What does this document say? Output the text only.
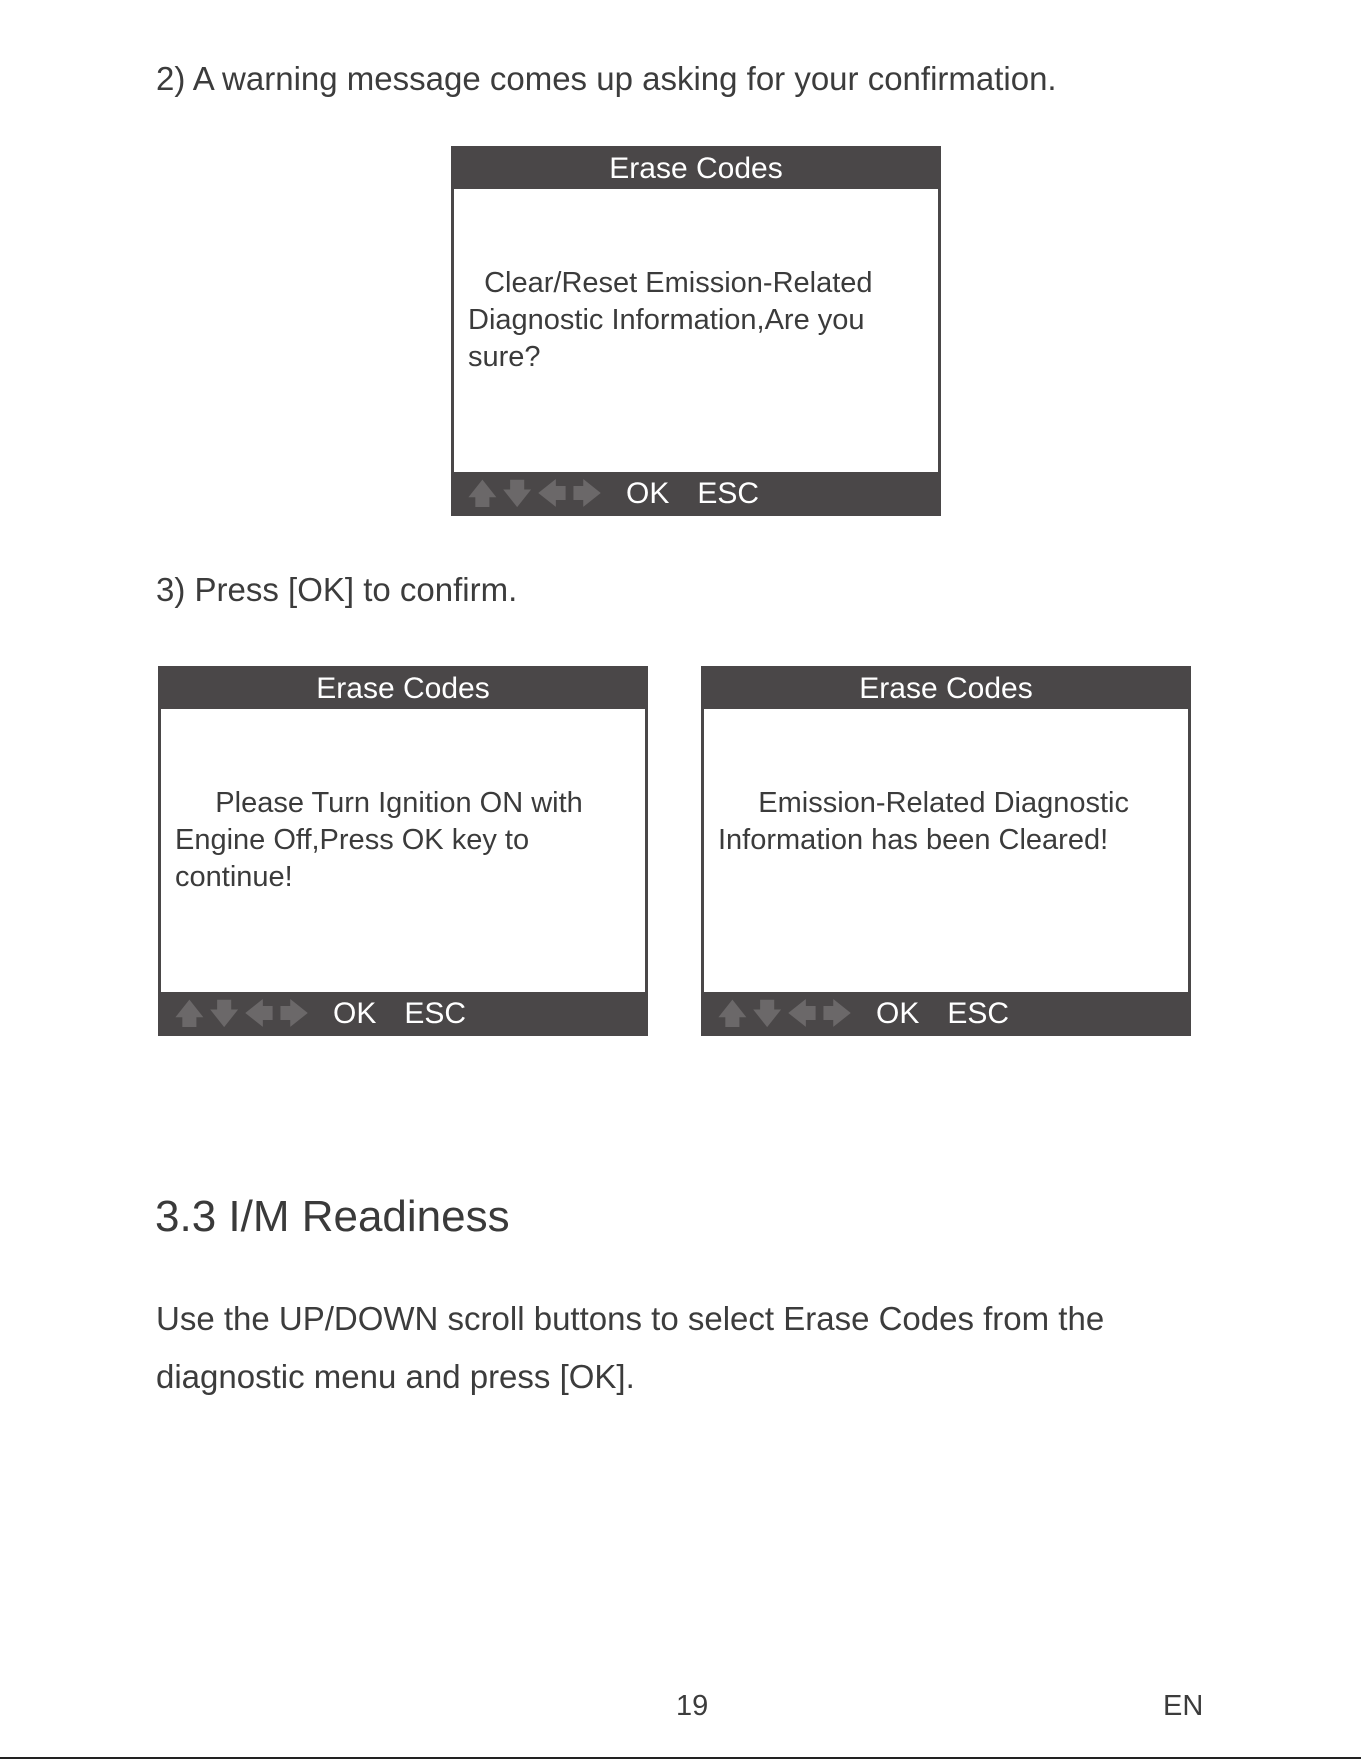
2) A warning message comes up asking for your confirmation.

Erase Codes

Clear/Reset Emission-Related Diagnostic Information,Are you sure?

🡅 🡇 🡄 🡆 OK ESC

3) Press [OK] to confirm.

Erase Codes

Please Turn Ignition ON with Engine Off,Press OK key to continue!

🡅 🡇 🡄 🡆 OK ESC
Erase Codes

Emission-Related Diagnostic Information has been Cleared!

🡅 🡇 🡄 🡆 OK ESC
3.3 I/M Readiness

Use the UP/DOWN scroll buttons to select Erase Codes from the diagnostic menu and press [OK].

19	EN
